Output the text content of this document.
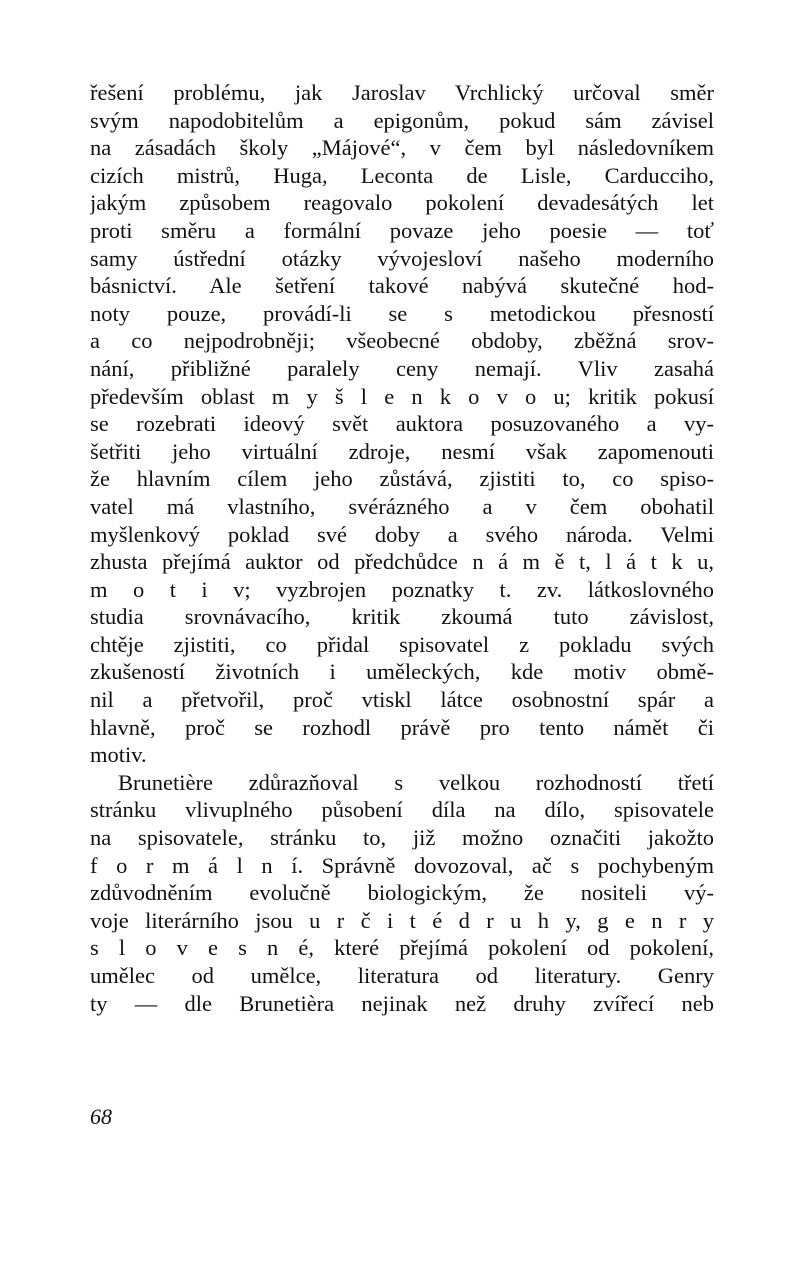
řešení problému, jak Jaroslav Vrchlický určoval směr
svým napodobitelům a epigonům, pokud sám závisel
na zásadách školy „Májové“, v čem byl následovníkem
cizích mistrů, Huga, Leconta de Lisle, Carducciho,
jakým způsobem reagovalo pokolení devadesátých let
proti směru a formální povaze jeho poesie — toť
samy ústřední otázky vývojesloví našeho moderního
básnictví. Ale šetření takové nabývá skutečné hod-
noty pouze, provádí-li se s metodickou přesností
a co nejpodrobněji; všeobecné obdoby, zběžná srov-
nání, přibližné paralely ceny nemají. Vliv zasahá
především oblast m y š l e n k o v o u; kritik pokusí
se rozebrati ideový svět auktora posuzovaného a vy-
šetřiti jeho virtuální zdroje, nesmí však zapomenouti
že hlavním cílem jeho zůstává, zjistiti to, co spiso-
vatel má vlastního, svérázného a v čem obohatil
myšlenkový poklad své doby a svého národa. Velmi
zhusta přejímá auktor od předchůdce n á m ě t, l á t k u,
m o t i v; vyzbrojen poznatky t. zv. látkoslovného
studia srovnávacího, kritik zkoumá tuto závislost,
chtěje zjistiti, co přidal spisovatel z pokladu svých
zkušeností životních i uměleckých, kde motiv obmě-
nil a přetvořil, proč vtiskl látce osobnostní spár a
hlavně, proč se rozhodl právě pro tento námět či
motiv.
Brunetière zdůrazňoval s velkou rozhodností třetí
stránku vlivuplného působení díla na dílo, spisovatele
na spisovatele, stránku to, již možno označiti jakožto
f o r m á l n í. Správně dovozoval, ač s pochybeným
zdůvodněním evolučně biologickým, že nositeli vý-
voje literárního jsou u r č i t é d r u h y, g e n r y
s l o v e s n é, které přejímá pokolení od pokolení,
umělec od umělce, literatura od literatury. Genry
ty — dle Brunetièra nejinak než druhy zvířecí neb
68
